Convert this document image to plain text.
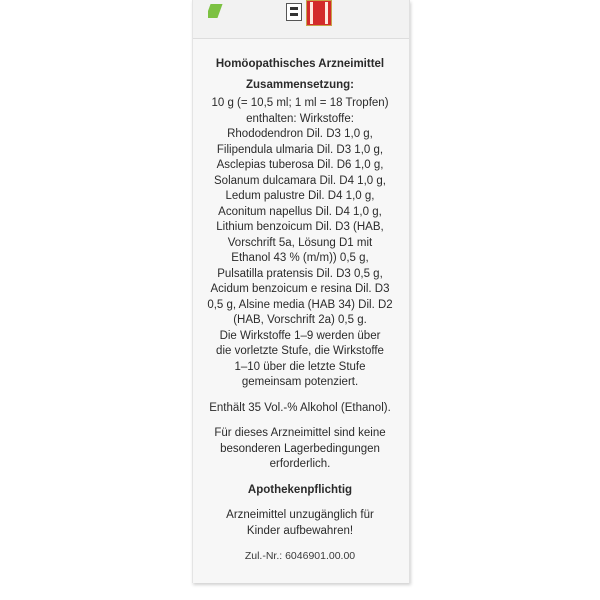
Homöopathisches Arzneimittel
Zusammensetzung:
10 g (= 10,5 ml; 1 ml = 18 Tropfen)
enthalten: Wirkstoffe:
Rhododendron Dil. D3 1,0 g,
Filipendula ulmaria Dil. D3 1,0 g,
Asclepias tuberosa Dil. D6 1,0 g,
Solanum dulcamara Dil. D4 1,0 g,
Ledum palustre Dil. D4 1,0 g,
Aconitum napellus Dil. D4 1,0 g,
Lithium benzoicum Dil. D3 (HAB,
Vorschrift 5a, Lösung D1 mit
Ethanol 43 % (m/m)) 0,5 g,
Pulsatilla pratensis Dil. D3 0,5 g,
Acidum benzoicum e resina Dil. D3
0,5 g, Alsine media (HAB 34) Dil. D2
(HAB, Vorschrift 2a) 0,5 g.
Die Wirkstoffe 1–9 werden über
die vorletzte Stufe, die Wirkstoffe
1–10 über die letzte Stufe
gemeinsam potenziert.
Enthält 35 Vol.-% Alkohol (Ethanol).
Für dieses Arzneimittel sind keine
besonderen Lagerbedingungen
erforderlich.
Apothekenpflichtig
Arzneimittel unzugänglich für
Kinder aufbewahren!
Zul.-Nr.: 6046901.00.00
